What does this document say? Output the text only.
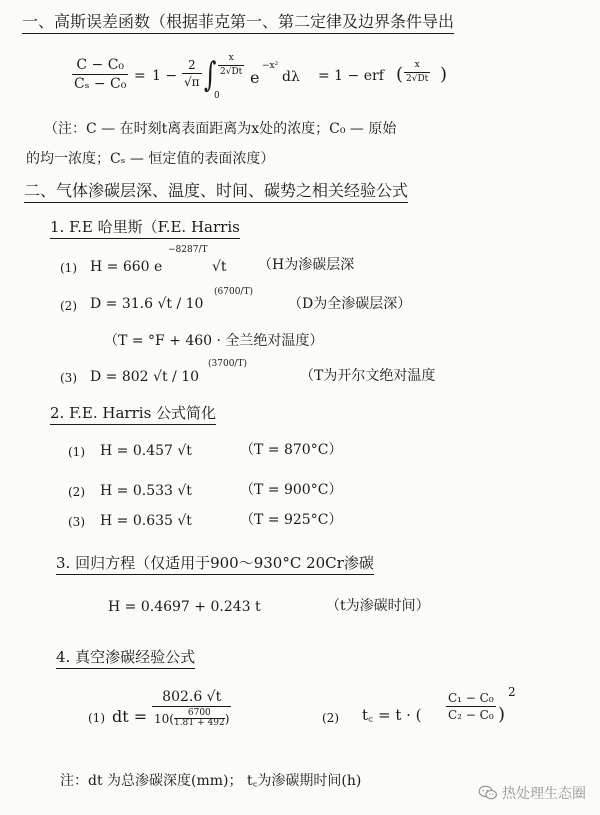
一、高斯误差函数（根据菲克第一、第二定律及边界条件导出
C − C₀
Cₛ − C₀ = 1 −
2
√π ∫
0
x
2√Dt e
−x²
dλ = 1 − erf ( x
2√Dt )
（注：C — 在时刻t离表面距离为x处的浓度；C₀ — 原始
的均一浓度；Cₛ — 恒定值的表面浓度）
二、气体渗碳层深、温度、时间、碳势之相关经验公式
1. F.E 哈里斯（F.E. Harris
(1) H = 660 e
−8287/T
√t （H为渗碳层深
(2) D = 31.6 √t / 10
(6700/T)
（D为全渗碳层深）
（T = °F + 460 · 全兰绝对温度）
(3) D = 802 √t / 10
(3700/T)
（T为开尔文绝对温度
2. F.E. Harris 公式简化
(1) H = 0.457 √t	（T = 870°C）
(2) H = 0.533 √t	（T = 900°C）
(3) H = 0.635 √t	（T = 925°C）
3. 回归方程（仅适用于900～930°C 20Cr渗碳
H = 0.4697 + 0.243 t	（t为渗碳时间）
4. 真空渗碳经验公式
(1) dt =
802.6 √t
10( 6700
1.8T + 492 )	(2) t꜀ = t · (
C₁ − C₀
C₂ − C₀ )
2
注：dt 为总渗碳深度(mm)； t꜀为渗碳期时间(h)
热处理生态圈
